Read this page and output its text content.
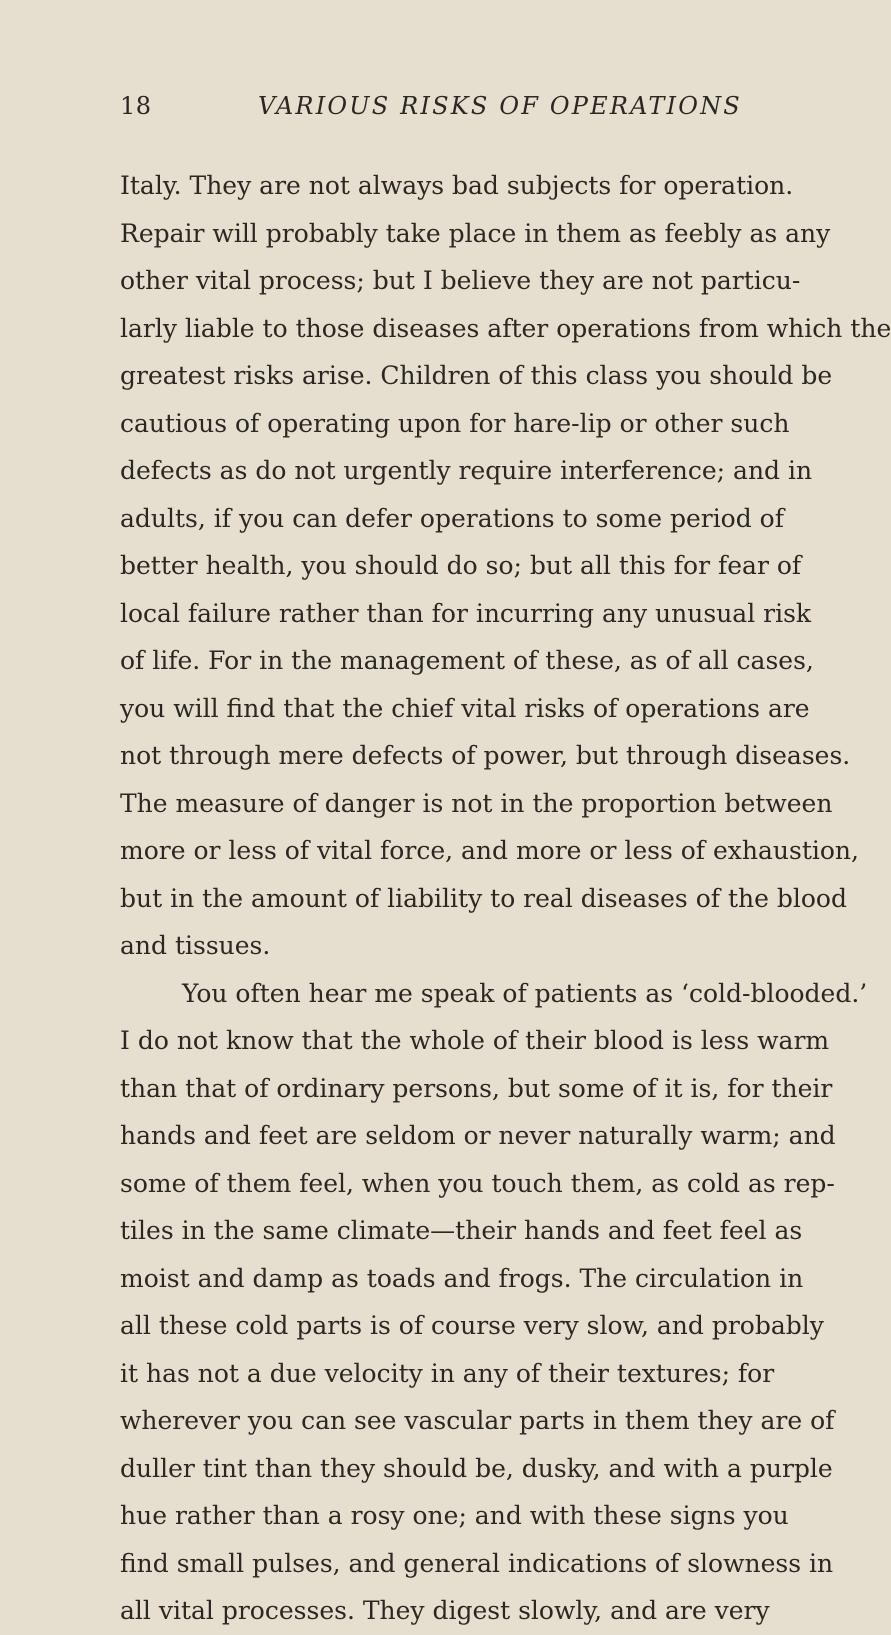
18	VARIOUS RISKS OF OPERATIONS
Italy. They are not always bad subjects for operation.
Repair will probably take place in them as feebly as any
other vital process; but I believe they are not particu-
larly liable to those diseases after operations from which the
greatest risks arise. Children of this class you should be
cautious of operating upon for hare-lip or other such
defects as do not urgently require interference; and in
adults, if you can defer operations to some period of
better health, you should do so; but all this for fear of
local failure rather than for incurring any unusual risk
of life. For in the management of these, as of all cases,
you will find that the chief vital risks of operations are
not through mere defects of power, but through diseases.
The measure of danger is not in the proportion between
more or less of vital force, and more or less of exhaustion,
but in the amount of liability to real diseases of the blood
and tissues.
You often hear me speak of patients as ‘cold-blooded.’
I do not know that the whole of their blood is less warm
than that of ordinary persons, but some of it is, for their
hands and feet are seldom or never naturally warm; and
some of them feel, when you touch them, as cold as rep-
tiles in the same climate—their hands and feet feel as
moist and damp as toads and frogs. The circulation in
all these cold parts is of course very slow, and probably
it has not a due velocity in any of their textures; for
wherever you can see vascular parts in them they are of
duller tint than they should be, dusky, and with a purple
hue rather than a rosy one; and with these signs you
find small pulses, and general indications of slowness in
all vital processes. They digest slowly, and are very
